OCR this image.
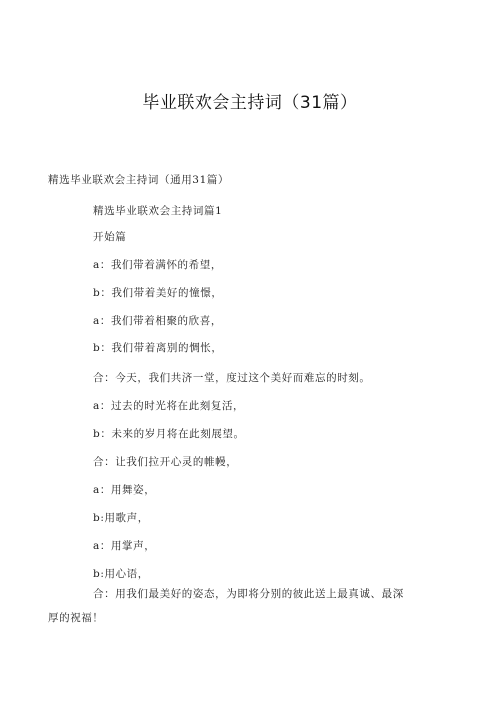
毕业联欢会主持词（31篇）

精选毕业联欢会主持词（通用31篇）

精选毕业联欢会主持词篇1

开始篇

a：我们带着满怀的希望，

b：我们带着美好的憧憬，

a：我们带着相聚的欣喜，

b：我们带着离别的惆怅，

合：今天，我们共济一堂，度过这个美好而难忘的时刻。

a：过去的时光将在此刻复活，

b：未来的岁月将在此刻展望。

合：让我们拉开心灵的帷幔，

a：用舞姿，

b:用歌声，

a：用掌声，

b:用心语，

合：用我们最美好的姿态，为即将分别的彼此送上最真诚、最深厚的祝福！
